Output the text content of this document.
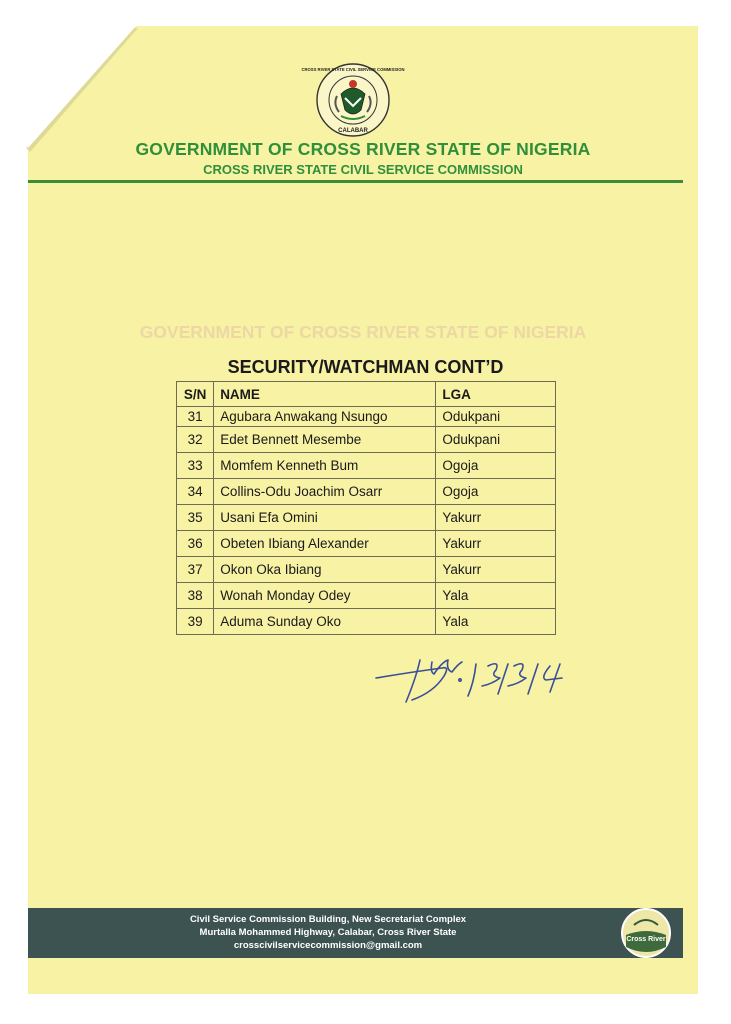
CALABAR
CROSS RIVER STATE CIVIL SERVICE COMMISSION
GOVERNMENT OF CROSS RIVER STATE OF NIGERIA
CROSS RIVER STATE CIVIL SERVICE COMMISSION
GOVERNMENT OF CROSS RIVER STATE OF NIGERIA
SECURITY/WATCHMAN CONT’D
S/N	NAME	LGA
31	Agubara Anwakang Nsungo	Odukpani
32	Edet Bennett Mesembe	Odukpani
33	Momfem Kenneth Bum	Ogoja
34	Collins-Odu Joachim Osarr	Ogoja
35	Usani Efa Omini	Yakurr
36	Obeten Ibiang Alexander	Yakurr
37	Okon Oka Ibiang	Yakurr
38	Wonah Monday Odey	Yala
39	Aduma Sunday Oko	Yala
13/12/24
Civil Service Commission Building, New Secretariat Complex
Murtalla Mohammed Highway, Calabar, Cross River State
crosscivilservicecommission@gmail.com
Cross River
